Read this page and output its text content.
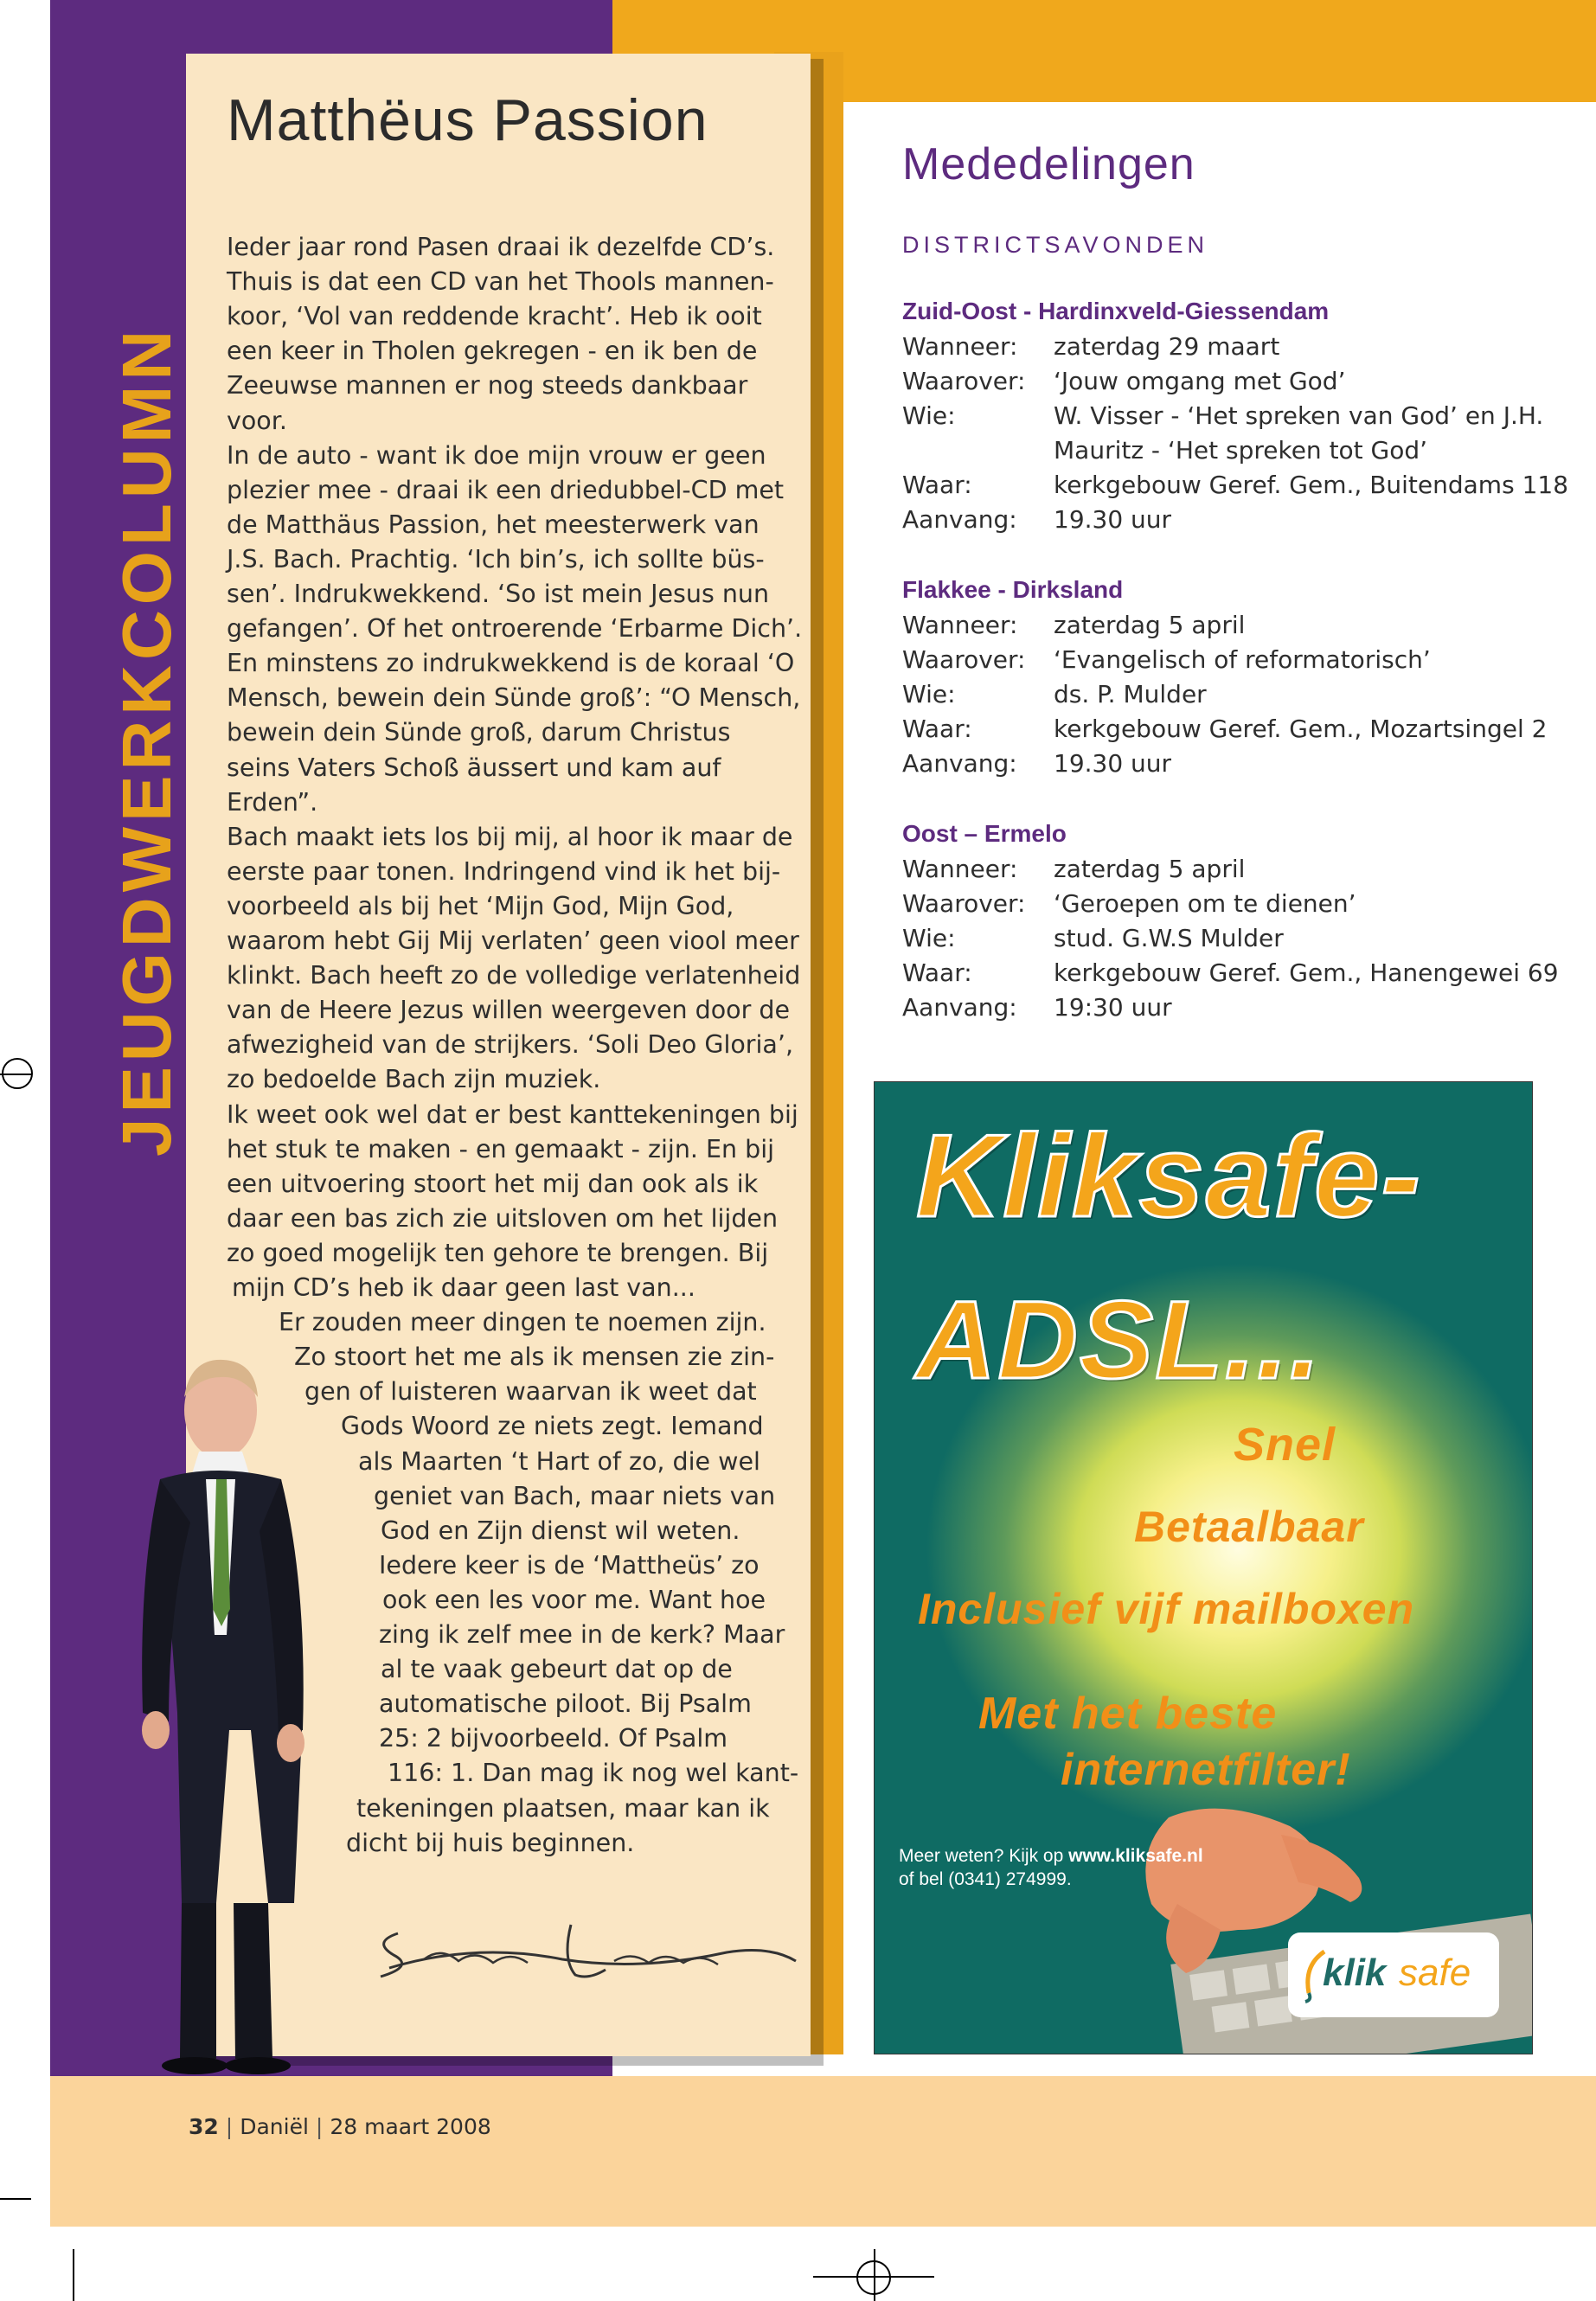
JEUGDWERKCOLUMN
Matthëus Passion
Ieder jaar rond Pasen draai ik dezelfde CD’s.
Thuis is dat een CD van het Thools mannen-
koor, ‘Vol van reddende kracht’. Heb ik ooit
een keer in Tholen gekregen - en ik ben de
Zeeuwse mannen er nog steeds dankbaar
voor.
In de auto - want ik doe mijn vrouw er geen
plezier mee - draai ik een driedubbel-CD met
de Matthäus Passion, het meesterwerk van
J.S. Bach. Prachtig. ‘Ich bin’s, ich sollte büs-
sen’. Indrukwekkend. ‘So ist mein Jesus nun
gefangen’. Of het ontroerende ‘Erbarme Dich’.
En minstens zo indrukwekkend is de koraal ‘O
Mensch, bewein dein Sünde groß’: “O Mensch,
bewein dein Sünde groß, darum Christus
seins Vaters Schoß äussert und kam auf
Erden”.
Bach maakt iets los bij mij, al hoor ik maar de
eerste paar tonen. Indringend vind ik het bij-
voorbeeld als bij het ‘Mijn God, Mijn God,
waarom hebt Gij Mij verlaten’ geen viool meer
klinkt. Bach heeft zo de volledige verlatenheid
van de Heere Jezus willen weergeven door de
afwezigheid van de strijkers. ‘Soli Deo Gloria’,
zo bedoelde Bach zijn muziek.
Ik weet ook wel dat er best kanttekeningen bij
het stuk te maken - en gemaakt - zijn. En bij
een uitvoering stoort het mij dan ook als ik
daar een bas zich zie uitsloven om het lijden
zo goed mogelijk ten gehore te brengen. Bij
mijn CD’s heb ik daar geen last van...
Er zouden meer dingen te noemen zijn.
Zo stoort het me als ik mensen zie zin-
gen of luisteren waarvan ik weet dat
Gods Woord ze niets zegt. Iemand
als Maarten ‘t Hart of zo, die wel
geniet van Bach, maar niets van
God en Zijn dienst wil weten.
Iedere keer is de ‘Mattheüs’ zo
ook een les voor me. Want hoe
zing ik zelf mee in de kerk? Maar
al te vaak gebeurt dat op de
automatische piloot. Bij Psalm
25: 2 bijvoorbeeld. Of Psalm
116: 1. Dan mag ik nog wel kant-
tekeningen plaatsen, maar kan ik
dicht bij huis beginnen.
Mededelingen
DISTRICTSAVONDEN
Zuid-Oost - Hardinxveld-Giessendam
Wanneer: zaterdag 29 maart
Waarover: ‘Jouw omgang met God’
Wie:	W. Visser - ‘Het spreken van God’ en J.H.
Mauritz - ‘Het spreken tot God’
Waar:	kerkgebouw Geref. Gem., Buitendams 118
Aanvang: 19.30 uur
Flakkee - Dirksland
Wanneer: zaterdag 5 april
Waarover: ‘Evangelisch of reformatorisch’
Wie:	ds. P. Mulder
Waar:	kerkgebouw Geref. Gem., Mozartsingel 2
Aanvang: 19.30 uur
Oost – Ermelo
Wanneer: zaterdag 5 april
Waarover: ‘Geroepen om te dienen’
Wie:	stud. G.W.S Mulder
Waar:	kerkgebouw Geref. Gem., Hanengewei 69
Aanvang: 19:30 uur
Kliksafe-
ADSL...
Snel
Betaalbaar
Inclusief vijf mailboxen
Met het beste
internetfilter!
Meer weten? Kijk op www.kliksafe.nl
of bel (0341) 274999.
klik safe
32 | Daniël | 28 maart 2008
